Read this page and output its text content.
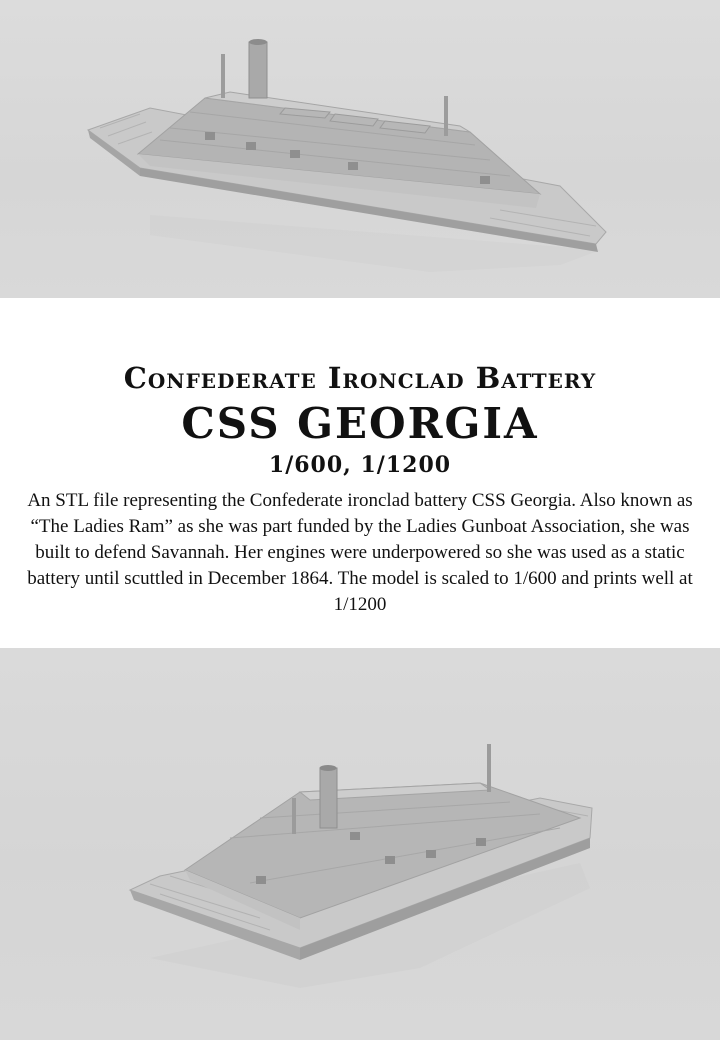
Confederate Ironclad Battery
CSS GEORGIA
1/600, 1/1200

An STL file representing the Confederate ironclad battery CSS Georgia. Also known as “The Ladies Ram” as she was part funded by the Ladies Gunboat Association, she was built to defend Savannah. Her engines were underpowered so she was used as a static battery until scuttled in December 1864. The model is scaled to 1/600 and prints well at 1/1200
